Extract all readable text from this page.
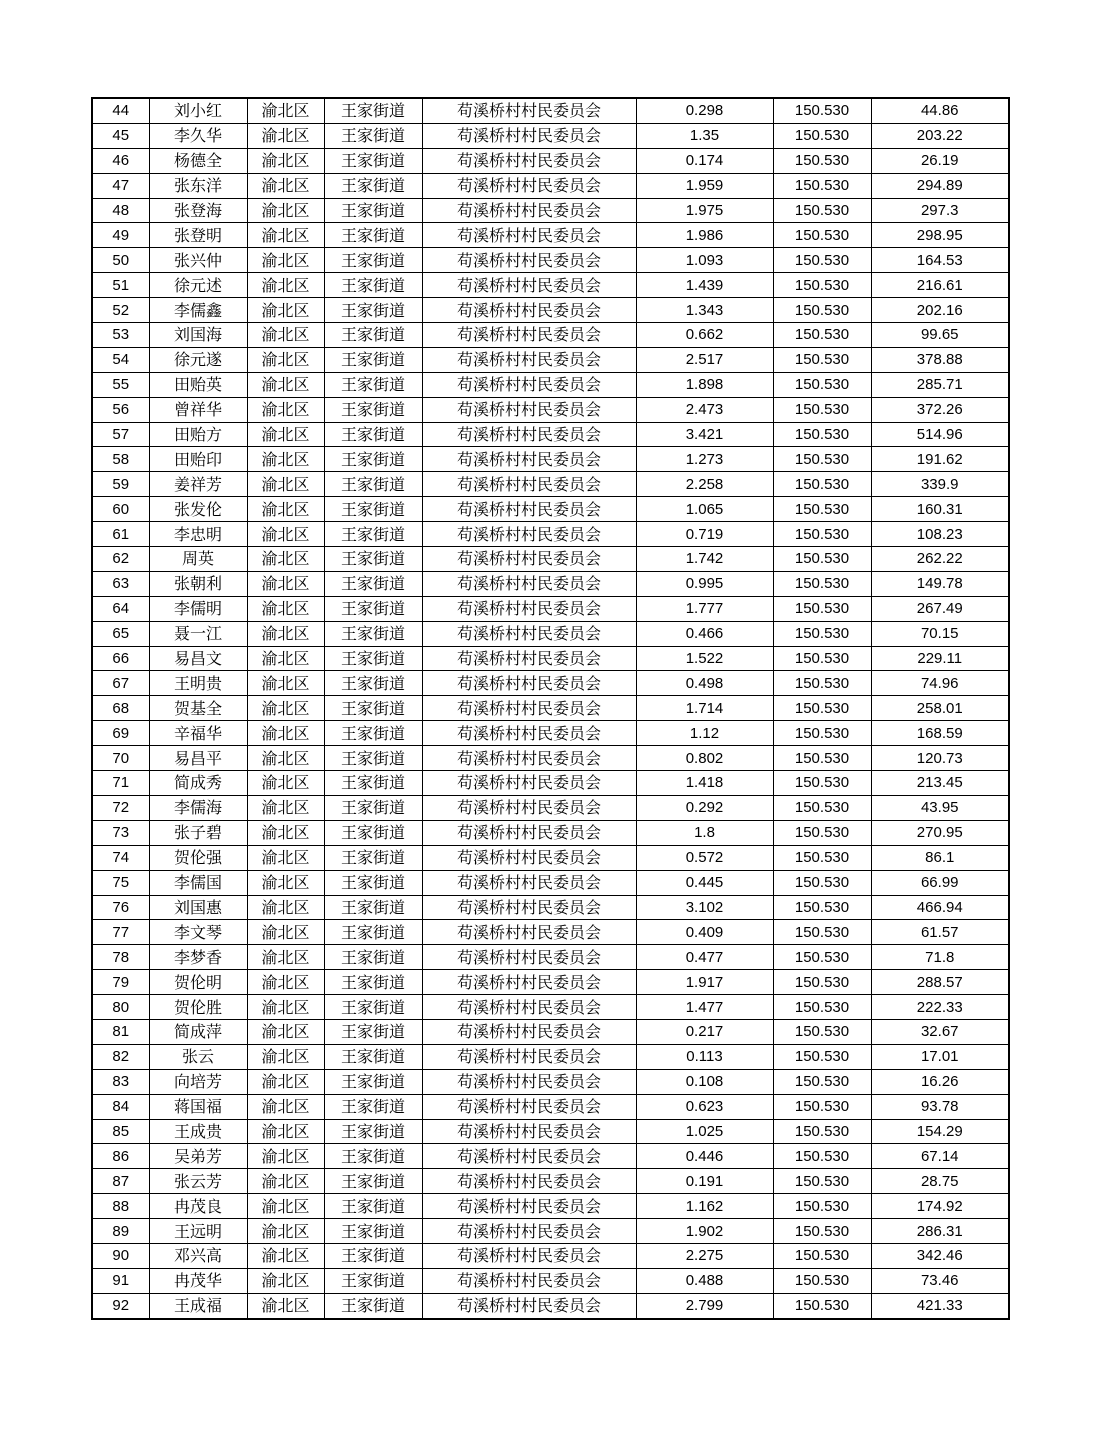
44	刘小红	渝北区	王家街道	苟溪桥村村民委员会	0.298	150.530	44.86
45	李久华	渝北区	王家街道	苟溪桥村村民委员会	1.35	150.530	203.22
46	杨德全	渝北区	王家街道	苟溪桥村村民委员会	0.174	150.530	26.19
47	张东洋	渝北区	王家街道	苟溪桥村村民委员会	1.959	150.530	294.89
48	张登海	渝北区	王家街道	苟溪桥村村民委员会	1.975	150.530	297.3
49	张登明	渝北区	王家街道	苟溪桥村村民委员会	1.986	150.530	298.95
50	张兴仲	渝北区	王家街道	苟溪桥村村民委员会	1.093	150.530	164.53
51	徐元述	渝北区	王家街道	苟溪桥村村民委员会	1.439	150.530	216.61
52	李儒鑫	渝北区	王家街道	苟溪桥村村民委员会	1.343	150.530	202.16
53	刘国海	渝北区	王家街道	苟溪桥村村民委员会	0.662	150.530	99.65
54	徐元遂	渝北区	王家街道	苟溪桥村村民委员会	2.517	150.530	378.88
55	田贻英	渝北区	王家街道	苟溪桥村村民委员会	1.898	150.530	285.71
56	曾祥华	渝北区	王家街道	苟溪桥村村民委员会	2.473	150.530	372.26
57	田贻方	渝北区	王家街道	苟溪桥村村民委员会	3.421	150.530	514.96
58	田贻印	渝北区	王家街道	苟溪桥村村民委员会	1.273	150.530	191.62
59	姜祥芳	渝北区	王家街道	苟溪桥村村民委员会	2.258	150.530	339.9
60	张发伦	渝北区	王家街道	苟溪桥村村民委员会	1.065	150.530	160.31
61	李忠明	渝北区	王家街道	苟溪桥村村民委员会	0.719	150.530	108.23
62	周英	渝北区	王家街道	苟溪桥村村民委员会	1.742	150.530	262.22
63	张朝利	渝北区	王家街道	苟溪桥村村民委员会	0.995	150.530	149.78
64	李儒明	渝北区	王家街道	苟溪桥村村民委员会	1.777	150.530	267.49
65	聂一江	渝北区	王家街道	苟溪桥村村民委员会	0.466	150.530	70.15
66	易昌文	渝北区	王家街道	苟溪桥村村民委员会	1.522	150.530	229.11
67	王明贵	渝北区	王家街道	苟溪桥村村民委员会	0.498	150.530	74.96
68	贺基全	渝北区	王家街道	苟溪桥村村民委员会	1.714	150.530	258.01
69	辛福华	渝北区	王家街道	苟溪桥村村民委员会	1.12	150.530	168.59
70	易昌平	渝北区	王家街道	苟溪桥村村民委员会	0.802	150.530	120.73
71	简成秀	渝北区	王家街道	苟溪桥村村民委员会	1.418	150.530	213.45
72	李儒海	渝北区	王家街道	苟溪桥村村民委员会	0.292	150.530	43.95
73	张子碧	渝北区	王家街道	苟溪桥村村民委员会	1.8	150.530	270.95
74	贺伦强	渝北区	王家街道	苟溪桥村村民委员会	0.572	150.530	86.1
75	李儒国	渝北区	王家街道	苟溪桥村村民委员会	0.445	150.530	66.99
76	刘国惠	渝北区	王家街道	苟溪桥村村民委员会	3.102	150.530	466.94
77	李文琴	渝北区	王家街道	苟溪桥村村民委员会	0.409	150.530	61.57
78	李梦香	渝北区	王家街道	苟溪桥村村民委员会	0.477	150.530	71.8
79	贺伦明	渝北区	王家街道	苟溪桥村村民委员会	1.917	150.530	288.57
80	贺伦胜	渝北区	王家街道	苟溪桥村村民委员会	1.477	150.530	222.33
81	简成萍	渝北区	王家街道	苟溪桥村村民委员会	0.217	150.530	32.67
82	张云	渝北区	王家街道	苟溪桥村村民委员会	0.113	150.530	17.01
83	向培芳	渝北区	王家街道	苟溪桥村村民委员会	0.108	150.530	16.26
84	蒋国福	渝北区	王家街道	苟溪桥村村民委员会	0.623	150.530	93.78
85	王成贵	渝北区	王家街道	苟溪桥村村民委员会	1.025	150.530	154.29
86	吴弟芳	渝北区	王家街道	苟溪桥村村民委员会	0.446	150.530	67.14
87	张云芳	渝北区	王家街道	苟溪桥村村民委员会	0.191	150.530	28.75
88	冉茂良	渝北区	王家街道	苟溪桥村村民委员会	1.162	150.530	174.92
89	王远明	渝北区	王家街道	苟溪桥村村民委员会	1.902	150.530	286.31
90	邓兴高	渝北区	王家街道	苟溪桥村村民委员会	2.275	150.530	342.46
91	冉茂华	渝北区	王家街道	苟溪桥村村民委员会	0.488	150.530	73.46
92	王成福	渝北区	王家街道	苟溪桥村村民委员会	2.799	150.530	421.33
